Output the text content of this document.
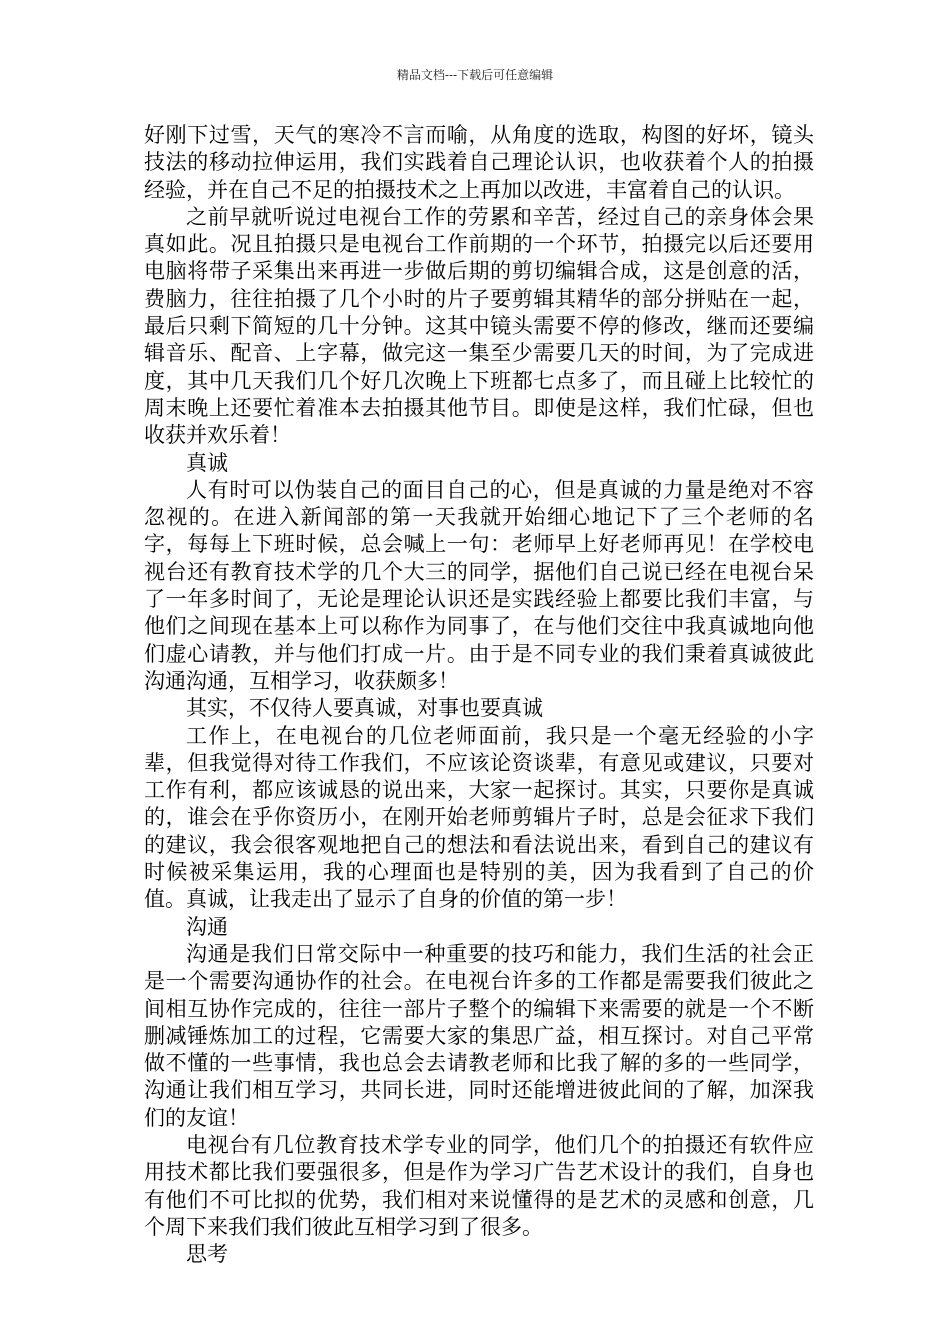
精品文档---下载后可任意编辑

好刚下过雪，天气的寒冷不言而喻，从角度的选取，构图的好坏，镜头技法的移动拉伸运用，我们实践着自己理论认识，也收获着个人的拍摄经验，并在自己不足的拍摄技术之上再加以改进，丰富着自己的认识。

之前早就听说过电视台工作的劳累和辛苦，经过自己的亲身体会果真如此。况且拍摄只是电视台工作前期的一个环节，拍摄完以后还要用电脑将带子采集出来再进一步做后期的剪切编辑合成，这是创意的活，费脑力，往往拍摄了几个小时的片子要剪辑其精华的部分拼贴在一起，最后只剩下简短的几十分钟。这其中镜头需要不停的修改，继而还要编辑音乐、配音、上字幕，做完这一集至少需要几天的时间，为了完成进度，其中几天我们几个好几次晚上下班都七点多了，而且碰上比较忙的周末晚上还要忙着准本去拍摄其他节目。即使是这样，我们忙碌，但也收获并欢乐着！

真诚

人有时可以伪装自己的面目自己的心，但是真诚的力量是绝对不容忽视的。在进入新闻部的第一天我就开始细心地记下了三个老师的名字，每每上下班时候，总会喊上一句：老师早上好老师再见！在学校电视台还有教育技术学的几个大三的同学，据他们自己说已经在电视台呆了一年多时间了，无论是理论认识还是实践经验上都要比我们丰富，与他们之间现在基本上可以称作为同事了，在与他们交往中我真诚地向他们虚心请教，并与他们打成一片。由于是不同专业的我们秉着真诚彼此沟通沟通，互相学习，收获颇多！

其实，不仅待人要真诚，对事也要真诚

工作上，在电视台的几位老师面前，我只是一个毫无经验的小字辈，但我觉得对待工作我们，不应该论资谈辈，有意见或建议，只要对工作有利，都应该诚恳的说出来，大家一起探讨。其实，只要你是真诚的，谁会在乎你资历小，在刚开始老师剪辑片子时，总是会征求下我们的建议，我会很客观地把自己的想法和看法说出来，看到自己的建议有时候被采集运用，我的心理面也是特别的美，因为我看到了自己的价值。真诚，让我走出了显示了自身的价值的第一步！

沟通

沟通是我们日常交际中一种重要的技巧和能力，我们生活的社会正是一个需要沟通协作的社会。在电视台许多的工作都是需要我们彼此之间相互协作完成的，往往一部片子整个的编辑下来需要的就是一个不断删减锤炼加工的过程，它需要大家的集思广益，相互探讨。对自己平常做不懂的一些事情，我也总会去请教老师和比我了解的多的一些同学，沟通让我们相互学习，共同长进，同时还能增进彼此间的了解，加深我们的友谊！

电视台有几位教育技术学专业的同学，他们几个的拍摄还有软件应用技术都比我们要强很多，但是作为学习广告艺术设计的我们，自身也有他们不可比拟的优势，我们相对来说懂得的是艺术的灵感和创意，几个周下来我们我们彼此互相学习到了很多。

思考
